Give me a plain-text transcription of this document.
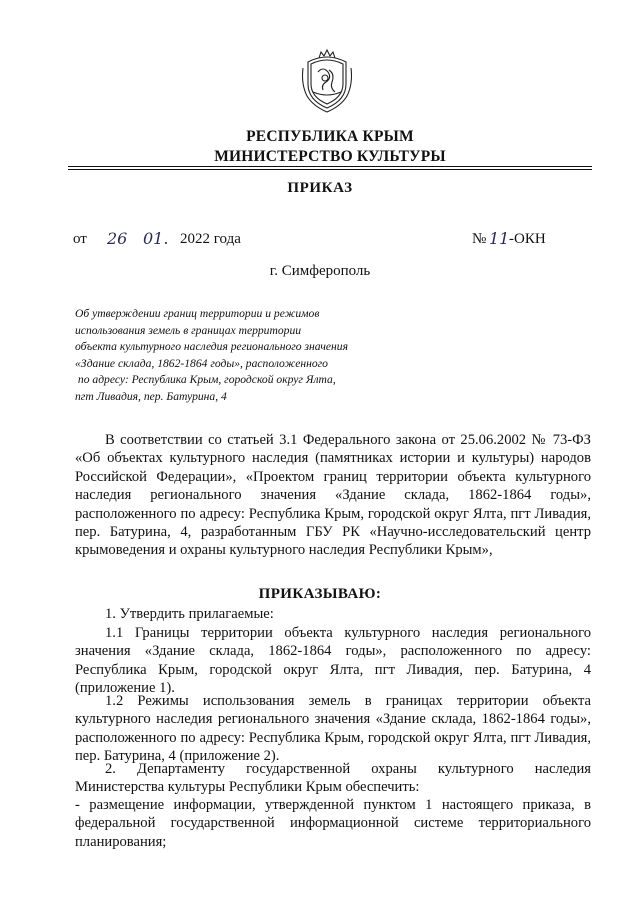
РЕСПУБЛИКА КРЫМ
МИНИСТЕРСТВО КУЛЬТУРЫ
ПРИКАЗ
от 26 01. 2022 года	№ 11 -ОКН
г. Симферополь
Об утверждении границ территории и режимов
использования земель в границах территории
объекта культурного наследия регионального значения
«Здание склада, 1862-1864 годы», расположенного
по адресу: Республика Крым, городской округ Ялта,
пгт Ливадия, пер. Батурина, 4
В соответствии со статьей 3.1 Федерального закона от 25.06.2002 № 73-ФЗ «Об объектах культурного наследия (памятниках истории и культуры) народов Российской Федерации», «Проектом границ территории объекта культурного наследия регионального значения «Здание склада, 1862-1864 годы», расположенного по адресу: Республика Крым, городской округ Ялта, пгт Ливадия, пер. Батурина, 4, разработанным ГБУ РК «Научно-исследовательский центр крымоведения и охраны культурного наследия Республики Крым»,
ПРИКАЗЫВАЮ:
1. Утвердить прилагаемые:
1.1 Границы территории объекта культурного наследия регионального значения «Здание склада, 1862-1864 годы», расположенного по адресу: Республика Крым, городской округ Ялта, пгт Ливадия, пер. Батурина, 4 (приложение 1).
1.2 Режимы использования земель в границах территории объекта культурного наследия регионального значения «Здание склада, 1862-1864 годы», расположенного по адресу: Республика Крым, городской округ Ялта, пгт Ливадия, пер. Батурина, 4 (приложение 2).
2. Департаменту государственной охраны культурного наследия Министерства культуры Республики Крым обеспечить:
- размещение информации, утвержденной пунктом 1 настоящего приказа, в федеральной государственной информационной системе территориального планирования;
